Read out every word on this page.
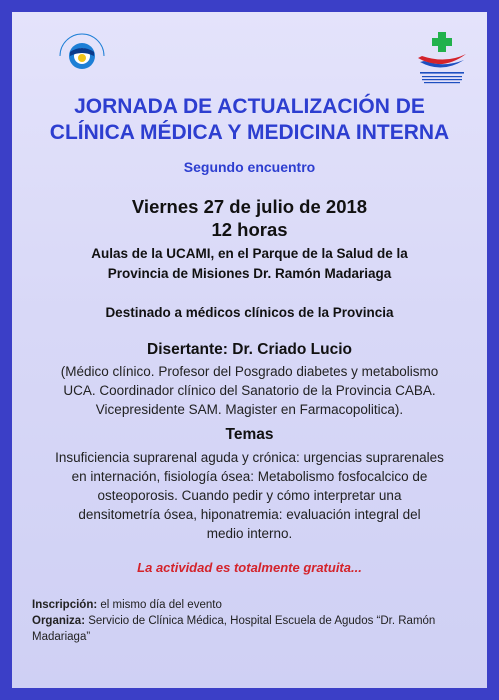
JORNADA DE ACTUALIZACIÓN DE
CLÍNICA MÉDICA Y MEDICINA INTERNA
Segundo encuentro
Viernes 27 de julio de 2018
12 horas
Aulas de la UCAMI, en el Parque de la Salud de la
Provincia de Misiones Dr. Ramón Madariaga
Destinado a médicos clínicos de la Provincia
Disertante: Dr. Criado Lucio
(Médico clínico. Profesor del Posgrado diabetes y metabolismo
UCA. Coordinador clínico del Sanatorio de la Provincia CABA.
Vicepresidente SAM. Magister en Farmacopolitica).
Temas
Insuficiencia suprarenal aguda y crónica: urgencias suprarenales
en internación, fisiología ósea: Metabolismo fosfocalcico de
osteoporosis. Cuando pedir y cómo interpretar una
densitometría ósea, hiponatremia: evaluación integral del
medio interno.
La actividad es totalmente gratuita...
Inscripción: el mismo día del evento
Organiza: Servicio de Clínica Médica, Hospital Escuela de Agudos “Dr. Ramón
Madariaga”
